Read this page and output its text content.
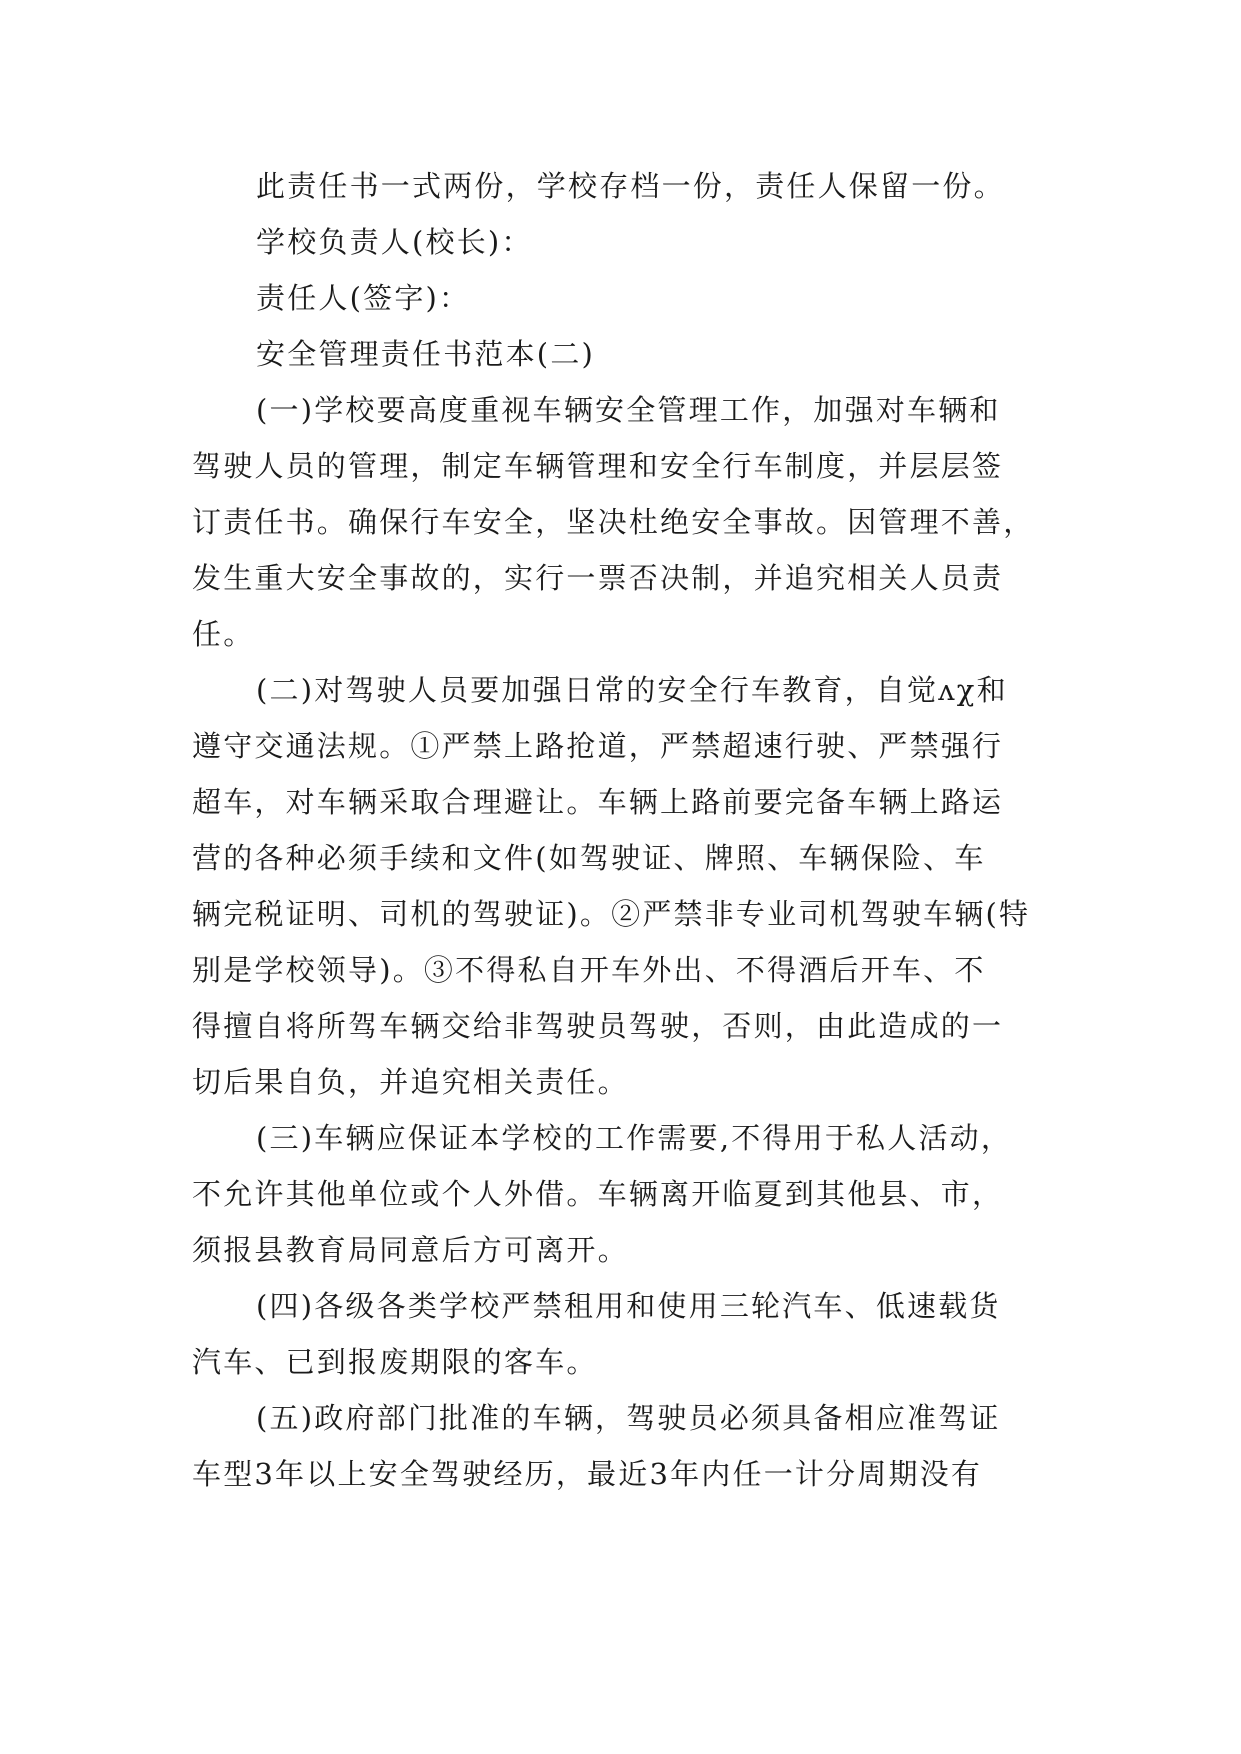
此责任书一式两份，学校存档一份，责任人保留一份。

学校负责人(校长)：

责任人(签字)：

安全管理责任书范本(二)

(一)学校要高度重视车辆安全管理工作，加强对车辆和

驾驶人员的管理，制定车辆管理和安全行车制度，并层层签

订责任书。确保行车安全，坚决杜绝安全事故。因管理不善，

发生重大安全事故的，实行一票否决制，并追究相关人员责

任。

(二)对驾驶人员要加强日常的安全行车教育，自觉ʌχ和

遵守交通法规。①严禁上路抢道，严禁超速行驶、严禁强行

超车，对车辆采取合理避让。车辆上路前要完备车辆上路运

营的各种必须手续和文件(如驾驶证、牌照、车辆保险、车

辆完税证明、司机的驾驶证)。②严禁非专业司机驾驶车辆(特

别是学校领导)。③不得私自开车外出、不得酒后开车、不

得擅自将所驾车辆交给非驾驶员驾驶，否则，由此造成的一

切后果自负，并追究相关责任。

(三)车辆应保证本学校的工作需要,不得用于私人活动，

不允许其他单位或个人外借。车辆离开临夏到其他县、市，

须报县教育局同意后方可离开。

(四)各级各类学校严禁租用和使用三轮汽车、低速载货

汽车、已到报废期限的客车。

(五)政府部门批准的车辆，驾驶员必须具备相应准驾证

车型3年以上安全驾驶经历，最近3年内任一计分周期没有
